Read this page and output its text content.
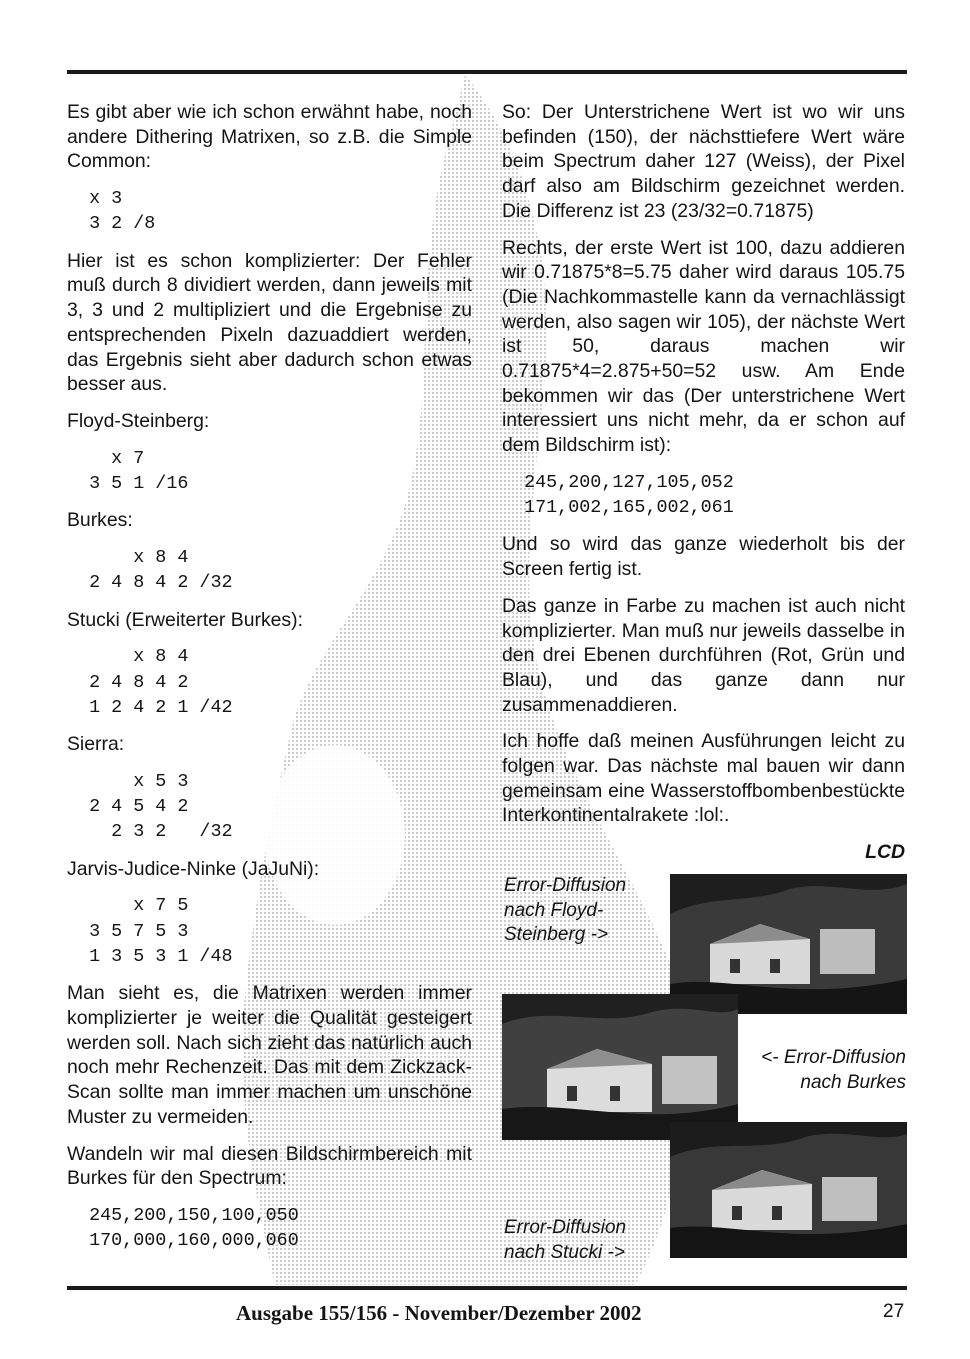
Es gibt aber wie ich schon erwähnt habe, noch andere Dithering Matrixen, so z.B. die Simple Common:

x 3
3 2 /8

Hier ist es schon komplizierter: Der Fehler muß durch 8 dividiert werden, dann jeweils mit 3, 3 und 2 multipliziert und die Ergebnise zu entsprechenden Pixeln dazuaddiert werden, das Ergebnis sieht aber dadurch schon etwas besser aus.

Floyd-Steinberg:

x 7
3 5 1 /16

Burkes:

x 8 4
2 4 8 4 2 /32

Stucki (Erweiterter Burkes):

x 8 4
2 4 8 4 2
1 2 4 2 1 /42

Sierra:

x 5 3
2 4 5 4 2
2 3 2   /32

Jarvis-Judice-Ninke (JaJuNi):

x 7 5
3 5 7 5 3
1 3 5 3 1 /48

Man sieht es, die Matrixen werden immer komplizierter je weiter die Qualität gesteigert werden soll. Nach sich zieht das natürlich auch noch mehr Rechenzeit. Das mit dem Zickzack-Scan sollte man immer machen um unschöne Muster zu vermeiden.

Wandeln wir mal diesen Bildschirmbereich mit Burkes für den Spectrum:

245,200,150,100,050
170,000,160,000,060

So: Der Unterstrichene Wert ist wo wir uns befinden (150), der nächsttiefere Wert wäre beim Spectrum daher 127 (Weiss), der Pixel darf also am Bildschirm gezeichnet werden. Die Differenz ist 23 (23/32=0.71875)

Rechts, der erste Wert ist 100, dazu addieren wir 0.71875*8=5.75 daher wird daraus 105.75 (Die Nachkommastelle kann da vernachlässigt werden, also sagen wir 105), der nächste Wert ist 50, daraus machen wir 0.71875*4=2.875+50=52 usw. Am Ende bekommen wir das (Der unterstrichene Wert interessiert uns nicht mehr, da er schon auf dem Bildschirm ist):

245,200,127,105,052
171,002,165,002,061

Und so wird das ganze wiederholt bis der Screen fertig ist.

Das ganze in Farbe zu machen ist auch nicht komplizierter. Man muß nur jeweils dasselbe in den drei Ebenen durchführen (Rot, Grün und Blau), und das ganze dann nur zusammenaddieren.

Ich hoffe daß meinen Ausführungen leicht zu folgen war. Das nächste mal bauen wir dann gemeinsam eine Wasserstoffbombenbestückte Interkontinentalrakete :lol:.

LCD

Error-Diffusion nach Floyd-Steinberg ->

<- Error-Diffusion nach Burkes

Error-Diffusion nach Stucki ->

Ausgabe 155/156 - November/Dezember 2002	27
